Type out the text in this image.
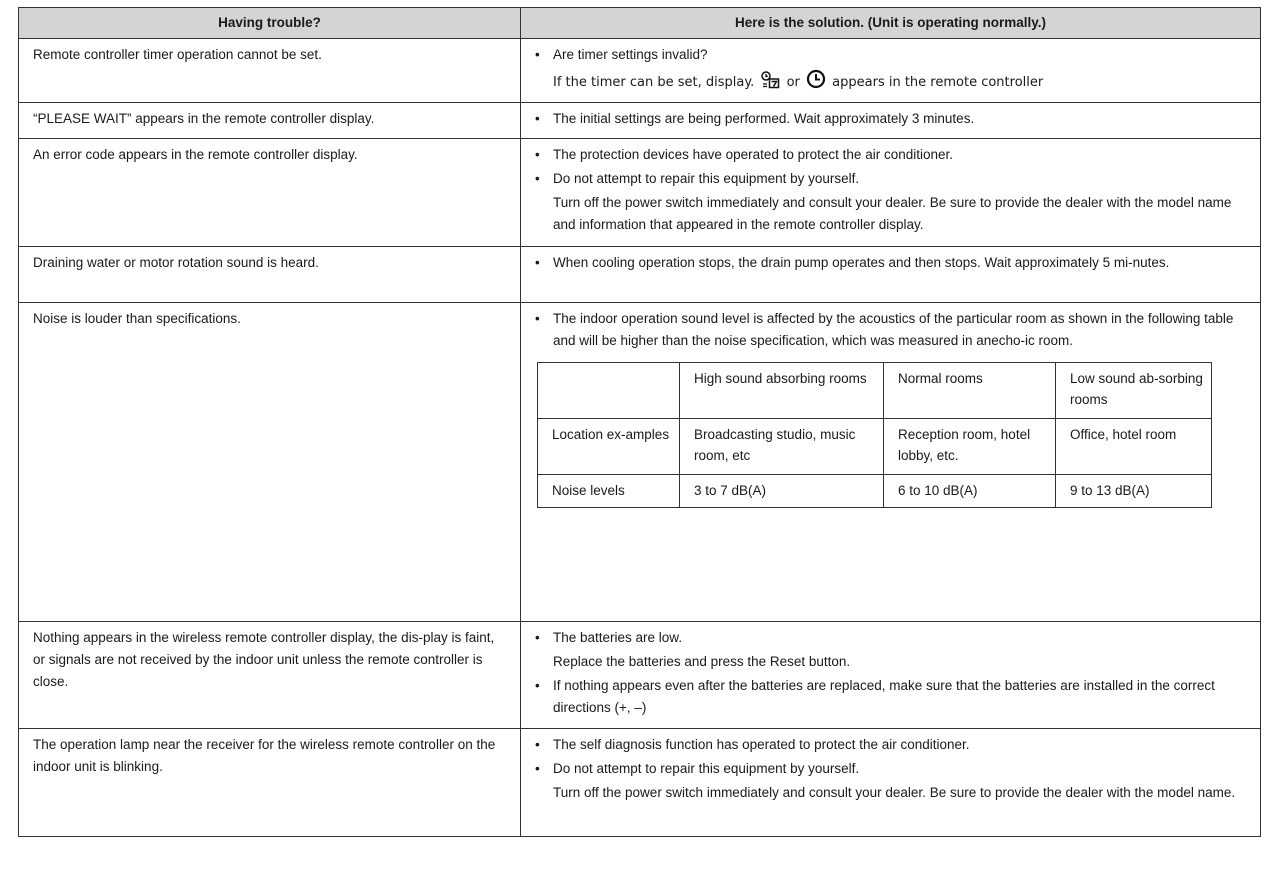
Having trouble?	Here is the solution. (Unit is operating normally.)
Remote controller timer operation cannot be set.	
•Are timer settings invalid?
If the timer can be set, display. or appears in the remote controller

“PLEASE WAIT” appears in the remote controller display.	
•The initial settings are being performed. Wait approximately 3 minutes.

An error code appears in the remote controller display.	
•The protection devices have operated to protect the air conditioner.
• Do not attempt to repair this equipment by yourself.
Turn off the power switch immediately and consult your dealer. Be sure to provide the dealer with the model name and information that appeared in the remote controller display.

Draining water or motor rotation sound is heard.	
•When cooling operation stops, the drain pump operates and then stops. Wait approximately 5 mi-nutes.

Noise is louder than specifications.	
•The indoor operation sound level is affected by the acoustics of the particular room as shown in the following table and will be higher than the noise specification, which was measured in anecho-ic room.
	High sound absorbing rooms	Normal rooms	Low sound ab-sorbing rooms
Location ex-amples	Broadcasting studio, music room, etc	Reception room, hotel lobby, etc.	Office, hotel room
Noise levels	3 to 7 dB(A)	6 to 10 dB(A)	9 to 13 dB(A)

Nothing appears in the wireless remote controller display, the dis-play is faint, or signals are not received by the indoor unit unless the remote controller is close.	
• The batteries are low.
Replace the batteries and press the Reset button.
• If nothing appears even after the batteries are replaced, make sure that the batteries are installed in the correct directions (+, –)

The operation lamp near the receiver for the wireless remote controller on the indoor unit is blinking.	
• The self diagnosis function has operated to protect the air conditioner.
• Do not attempt to repair this equipment by yourself.
Turn off the power switch immediately and consult your dealer. Be sure to provide the dealer with the model name.
